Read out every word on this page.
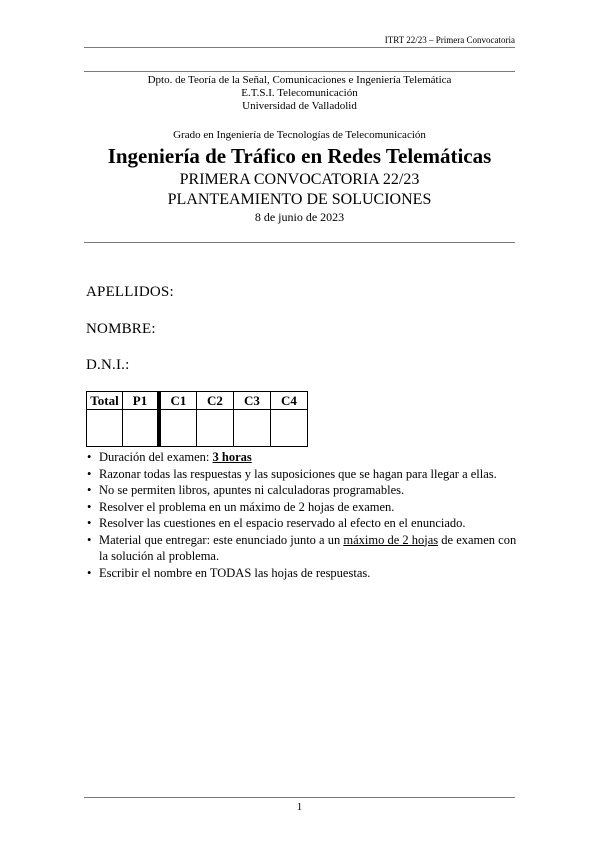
ITRT 22/23 – Primera Convocatoria
Dpto. de Teoría de la Señal, Comunicaciones e Ingeniería Telemática
E.T.S.I. Telecomunicación
Universidad de Valladolid
Grado en Ingeniería de Tecnologías de Telecomunicación
Ingeniería de Tráfico en Redes Telemáticas
PRIMERA CONVOCATORIA 22/23
PLANTEAMIENTO DE SOLUCIONES
8 de junio de 2023
APELLIDOS:
NOMBRE:
D.N.I.:
Total	P1	C1	C2	C3	C4

• Duración del examen: 3 horas
• Razonar todas las respuestas y las suposiciones que se hagan para llegar a ellas.
• No se permiten libros, apuntes ni calculadoras programables.
• Resolver el problema en un máximo de 2 hojas de examen.
• Resolver las cuestiones en el espacio reservado al efecto en el enunciado.
• Material que entregar: este enunciado junto a un máximo de 2 hojas de examen con la solución al problema.
• Escribir el nombre en TODAS las hojas de respuestas.
1
